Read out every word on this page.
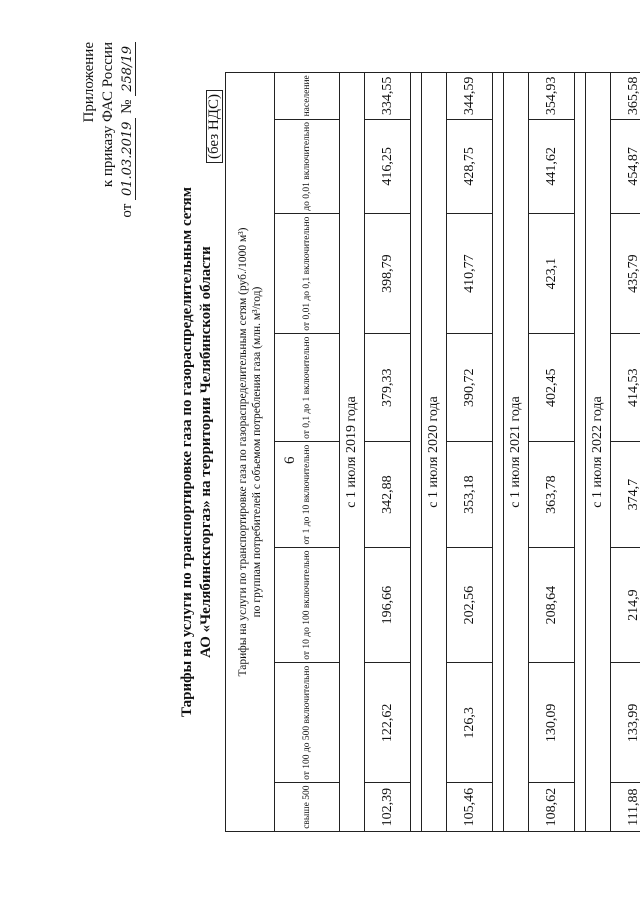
6
Приложение к приказу ФАС России
от 01.03.2019 № 258/19
Тарифы на услуги по транспортировке газа по газораспределительным сетям АО «Челябинскгоргаз» на территории Челябинской области
(без НДС)
Тарифы на услуги по транспортировке газа по газораспределительным сетям (руб./1000 м³) по группам потребителей с объемом потребления газа (млн. м³/год)							

свыше 500	от 100 до 500 включительно	от 10 до 100 включительно	от 1 до 10 включительно	от 0,1 до 1 включительно	от 0,01 до 0,1 включительно	до 0,01 включительно	население
с 1 июля 2019 года							
102,39	122,62	196,66	342,88	379,33	398,79	416,25	334,55

с 1 июля 2020 года							
105,46	126,3	202,56	353,18	390,72	410,77	428,75	344,59

с 1 июля 2021 года							
108,62	130,09	208,64	363,78	402,45	423,1	441,62	354,93

с 1 июля 2022 года							
111,88	133,99	214,9	374,7	414,53	435,79	454,87	365,58
